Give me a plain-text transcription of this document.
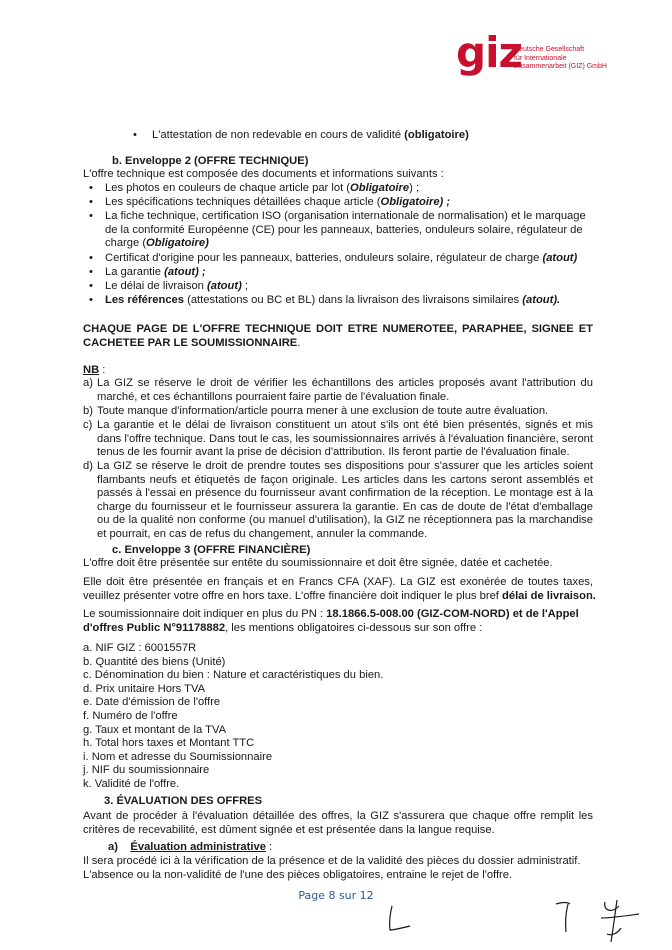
giz
Deutsche Gesellschaft
für Internationale
Zusammenarbeit (GIZ) GmbH
• L'attestation de non redevable en cours de validité (obligatoire)
b. Enveloppe 2 (OFFRE TECHNIQUE)
L'offre technique est composée des documents et informations suivants :
• Les photos en couleurs de chaque article par lot (Obligatoire) ;
• Les spécifications techniques détaillées chaque article (Obligatoire) ;
• La fiche technique, certification ISO (organisation internationale de normalisation) et le marquage
de la conformité Européenne (CE) pour les panneaux, batteries, onduleurs solaire, régulateur de
charge (Obligatoire)
• Certificat d'origine pour les panneaux, batteries, onduleurs solaire, régulateur de charge (atout)
• La garantie (atout) ;
• Le délai de livraison (atout) ;
• Les références (attestations ou BC et BL) dans la livraison des livraisons similaires (atout).
CHAQUE PAGE DE L'OFFRE TECHNIQUE DOIT ETRE NUMEROTEE, PARAPHEE, SIGNEE ET
CACHETEE PAR LE SOUMISSIONNAIRE.
NB :
a) La GIZ se réserve le droit de vérifier les échantillons des articles proposés avant l'attribution du
marché, et ces échantillons pourraient faire partie de l'évaluation finale.
b) Toute manque d'information/article pourra mener à une exclusion de toute autre évaluation.
c) La garantie et le délai de livraison constituent un atout s'ils ont été bien présentés, signés et mis
dans l'offre technique. Dans tout le cas, les soumissionnaires arrivés à l'évaluation financière, seront
tenus de les fournir avant la prise de décision d'attribution. Ils feront partie de l'évaluation finale.
d) La GIZ se réserve le droit de prendre toutes ses dispositions pour s'assurer que les articles soient
flambants neufs et étiquetés de façon originale. Les articles dans les cartons seront assemblés et
passés à l'essai en présence du fournisseur avant confirmation de la réception. Le montage est à la
charge du fournisseur et le fournisseur assurera la garantie. En cas de doute de l'état d'emballage
ou de la qualité non conforme (ou manuel d'utilisation), la GIZ ne réceptionnera pas la marchandise
et pourrait, en cas de refus du changement, annuler la commande.
c. Enveloppe 3 (OFFRE FINANCIÈRE)
L'offre doit être présentée sur entête du soumissionnaire et doit être signée, datée et cachetée.
Elle doit être présentée en français et en Francs CFA (XAF). La GIZ est exonérée de toutes taxes,
veuillez présenter votre offre en hors taxe. L'offre financière doit indiquer le plus bref délai de livraison.
Le soumissionnaire doit indiquer en plus du PN : 18.1866.5-008.00 (GIZ-COM-NORD) et de l'Appel
d'offres Public N°91178882, les mentions obligatoires ci-dessous sur son offre :
a. NIF GIZ : 6001557R
b. Quantité des biens (Unité)
c. Dénomination du bien : Nature et caractéristiques du bien.
d. Prix unitaire Hors TVA
e. Date d'émission de l'offre
f. Numéro de l'offre
g. Taux et montant de la TVA
h. Total hors taxes et Montant TTC
i. Nom et adresse du Soumissionnaire
j. NIF du soumissionnaire
k. Validité de l'offre.
3. ÉVALUATION DES OFFRES
Avant de procéder à l'évaluation détaillée des offres, la GIZ s'assurera que chaque offre remplit les
critères de recevabilité, est dûment signée et est présentée dans la langue requise.
a) Évaluation administrative :
Il sera procédé ici à la vérification de la présence et de la validité des pièces du dossier administratif.
L'absence ou la non-validité de l'une des pièces obligatoires, entraine le rejet de l'offre.
Page 8 sur 12
